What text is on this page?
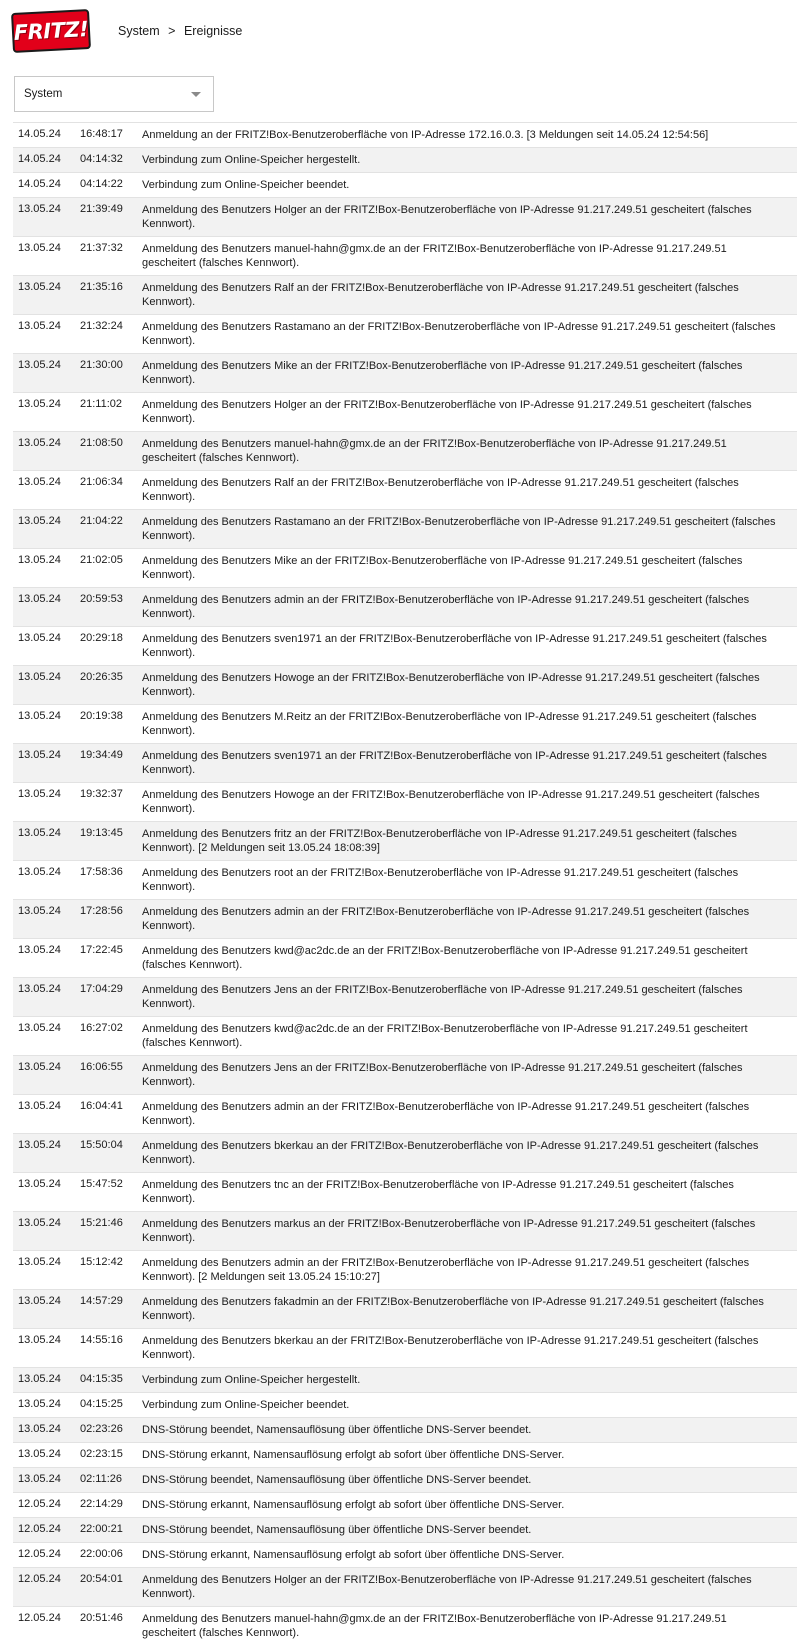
FRITZ! System > Ereignisse
System
14.05.24	16:48:17	Anmeldung an der FRITZ!Box-Benutzeroberfläche von IP-Adresse 172.16.0.3. [3 Meldungen seit 14.05.24 12:54:56]
14.05.24	04:14:32	Verbindung zum Online-Speicher hergestellt.
14.05.24	04:14:22	Verbindung zum Online-Speicher beendet.
13.05.24	21:39:49	Anmeldung des Benutzers Holger an der FRITZ!Box-Benutzeroberfläche von IP-Adresse 91.217.249.51 gescheitert (falsches Kennwort).
13.05.24	21:37:32	Anmeldung des Benutzers manuel-hahn@gmx.de an der FRITZ!Box-Benutzeroberfläche von IP-Adresse 91.217.249.51 gescheitert (falsches Kennwort).
13.05.24	21:35:16	Anmeldung des Benutzers Ralf an der FRITZ!Box-Benutzeroberfläche von IP-Adresse 91.217.249.51 gescheitert (falsches Kennwort).
13.05.24	21:32:24	Anmeldung des Benutzers Rastamano an der FRITZ!Box-Benutzeroberfläche von IP-Adresse 91.217.249.51 gescheitert (falsches Kennwort).
13.05.24	21:30:00	Anmeldung des Benutzers Mike an der FRITZ!Box-Benutzeroberfläche von IP-Adresse 91.217.249.51 gescheitert (falsches Kennwort).
13.05.24	21:11:02	Anmeldung des Benutzers Holger an der FRITZ!Box-Benutzeroberfläche von IP-Adresse 91.217.249.51 gescheitert (falsches Kennwort).
13.05.24	21:08:50	Anmeldung des Benutzers manuel-hahn@gmx.de an der FRITZ!Box-Benutzeroberfläche von IP-Adresse 91.217.249.51 gescheitert (falsches Kennwort).
13.05.24	21:06:34	Anmeldung des Benutzers Ralf an der FRITZ!Box-Benutzeroberfläche von IP-Adresse 91.217.249.51 gescheitert (falsches Kennwort).
13.05.24	21:04:22	Anmeldung des Benutzers Rastamano an der FRITZ!Box-Benutzeroberfläche von IP-Adresse 91.217.249.51 gescheitert (falsches Kennwort).
13.05.24	21:02:05	Anmeldung des Benutzers Mike an der FRITZ!Box-Benutzeroberfläche von IP-Adresse 91.217.249.51 gescheitert (falsches Kennwort).
13.05.24	20:59:53	Anmeldung des Benutzers admin an der FRITZ!Box-Benutzeroberfläche von IP-Adresse 91.217.249.51 gescheitert (falsches Kennwort).
13.05.24	20:29:18	Anmeldung des Benutzers sven1971 an der FRITZ!Box-Benutzeroberfläche von IP-Adresse 91.217.249.51 gescheitert (falsches Kennwort).
13.05.24	20:26:35	Anmeldung des Benutzers Howoge an der FRITZ!Box-Benutzeroberfläche von IP-Adresse 91.217.249.51 gescheitert (falsches Kennwort).
13.05.24	20:19:38	Anmeldung des Benutzers M.Reitz an der FRITZ!Box-Benutzeroberfläche von IP-Adresse 91.217.249.51 gescheitert (falsches Kennwort).
13.05.24	19:34:49	Anmeldung des Benutzers sven1971 an der FRITZ!Box-Benutzeroberfläche von IP-Adresse 91.217.249.51 gescheitert (falsches Kennwort).
13.05.24	19:32:37	Anmeldung des Benutzers Howoge an der FRITZ!Box-Benutzeroberfläche von IP-Adresse 91.217.249.51 gescheitert (falsches Kennwort).
13.05.24	19:13:45	Anmeldung des Benutzers fritz an der FRITZ!Box-Benutzeroberfläche von IP-Adresse 91.217.249.51 gescheitert (falsches Kennwort). [2 Meldungen seit 13.05.24 18:08:39]
13.05.24	17:58:36	Anmeldung des Benutzers root an der FRITZ!Box-Benutzeroberfläche von IP-Adresse 91.217.249.51 gescheitert (falsches Kennwort).
13.05.24	17:28:56	Anmeldung des Benutzers admin an der FRITZ!Box-Benutzeroberfläche von IP-Adresse 91.217.249.51 gescheitert (falsches Kennwort).
13.05.24	17:22:45	Anmeldung des Benutzers kwd@ac2dc.de an der FRITZ!Box-Benutzeroberfläche von IP-Adresse 91.217.249.51 gescheitert (falsches Kennwort).
13.05.24	17:04:29	Anmeldung des Benutzers Jens an der FRITZ!Box-Benutzeroberfläche von IP-Adresse 91.217.249.51 gescheitert (falsches Kennwort).
13.05.24	16:27:02	Anmeldung des Benutzers kwd@ac2dc.de an der FRITZ!Box-Benutzeroberfläche von IP-Adresse 91.217.249.51 gescheitert (falsches Kennwort).
13.05.24	16:06:55	Anmeldung des Benutzers Jens an der FRITZ!Box-Benutzeroberfläche von IP-Adresse 91.217.249.51 gescheitert (falsches Kennwort).
13.05.24	16:04:41	Anmeldung des Benutzers admin an der FRITZ!Box-Benutzeroberfläche von IP-Adresse 91.217.249.51 gescheitert (falsches Kennwort).
13.05.24	15:50:04	Anmeldung des Benutzers bkerkau an der FRITZ!Box-Benutzeroberfläche von IP-Adresse 91.217.249.51 gescheitert (falsches Kennwort).
13.05.24	15:47:52	Anmeldung des Benutzers tnc an der FRITZ!Box-Benutzeroberfläche von IP-Adresse 91.217.249.51 gescheitert (falsches Kennwort).
13.05.24	15:21:46	Anmeldung des Benutzers markus an der FRITZ!Box-Benutzeroberfläche von IP-Adresse 91.217.249.51 gescheitert (falsches Kennwort).
13.05.24	15:12:42	Anmeldung des Benutzers admin an der FRITZ!Box-Benutzeroberfläche von IP-Adresse 91.217.249.51 gescheitert (falsches Kennwort). [2 Meldungen seit 13.05.24 15:10:27]
13.05.24	14:57:29	Anmeldung des Benutzers fakadmin an der FRITZ!Box-Benutzeroberfläche von IP-Adresse 91.217.249.51 gescheitert (falsches Kennwort).
13.05.24	14:55:16	Anmeldung des Benutzers bkerkau an der FRITZ!Box-Benutzeroberfläche von IP-Adresse 91.217.249.51 gescheitert (falsches Kennwort).
13.05.24	04:15:35	Verbindung zum Online-Speicher hergestellt.
13.05.24	04:15:25	Verbindung zum Online-Speicher beendet.
13.05.24	02:23:26	DNS-Störung beendet, Namensauflösung über öffentliche DNS-Server beendet.
13.05.24	02:23:15	DNS-Störung erkannt, Namensauflösung erfolgt ab sofort über öffentliche DNS-Server.
13.05.24	02:11:26	DNS-Störung beendet, Namensauflösung über öffentliche DNS-Server beendet.
12.05.24	22:14:29	DNS-Störung erkannt, Namensauflösung erfolgt ab sofort über öffentliche DNS-Server.
12.05.24	22:00:21	DNS-Störung beendet, Namensauflösung über öffentliche DNS-Server beendet.
12.05.24	22:00:06	DNS-Störung erkannt, Namensauflösung erfolgt ab sofort über öffentliche DNS-Server.
12.05.24	20:54:01	Anmeldung des Benutzers Holger an der FRITZ!Box-Benutzeroberfläche von IP-Adresse 91.217.249.51 gescheitert (falsches Kennwort).
12.05.24	20:51:46	Anmeldung des Benutzers manuel-hahn@gmx.de an der FRITZ!Box-Benutzeroberfläche von IP-Adresse 91.217.249.51 gescheitert (falsches Kennwort).
